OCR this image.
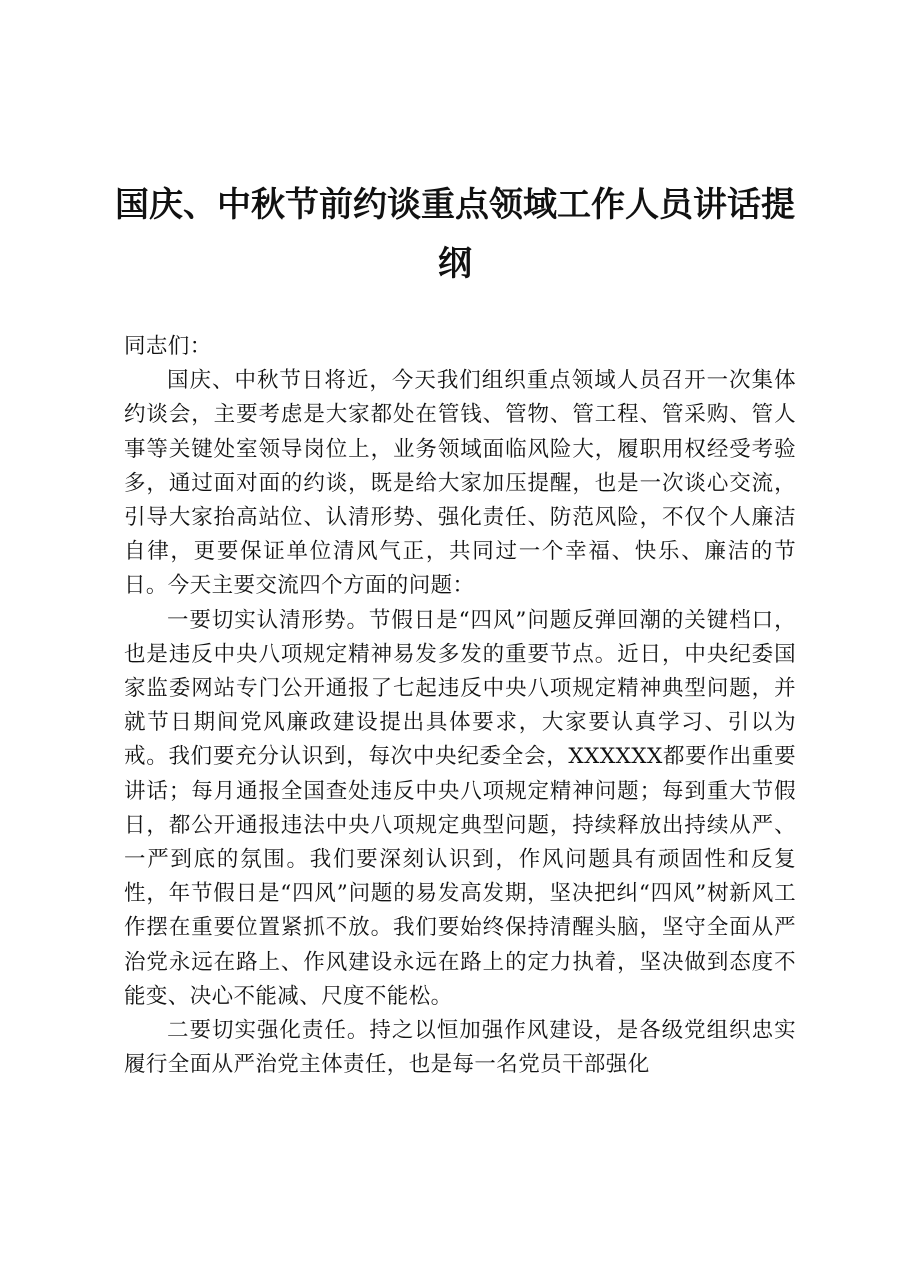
国庆、中秋节前约谈重点领域工作人员讲话提纲

同志们：

国庆、中秋节日将近，今天我们组织重点领域人员召开一次集体约谈会，主要考虑是大家都处在管钱、管物、管工程、管采购、管人事等关键处室领导岗位上，业务领域面临风险大，履职用权经受考验多，通过面对面的约谈，既是给大家加压提醒，也是一次谈心交流，引导大家抬高站位、认清形势、强化责任、防范风险，不仅个人廉洁自律，更要保证单位清风气正，共同过一个幸福、快乐、廉洁的节日。今天主要交流四个方面的问题：

一要切实认清形势。节假日是“四风”问题反弹回潮的关键档口，也是违反中央八项规定精神易发多发的重要节点。近日，中央纪委国家监委网站专门公开通报了七起违反中央八项规定精神典型问题，并就节日期间党风廉政建设提出具体要求，大家要认真学习、引以为戒。我们要充分认识到，每次中央纪委全会，XXXXXX都要作出重要讲话；每月通报全国查处违反中央八项规定精神问题；每到重大节假日，都公开通报违法中央八项规定典型问题，持续释放出持续从严、一严到底的氛围。我们要深刻认识到，作风问题具有顽固性和反复性，年节假日是“四风”问题的易发高发期，坚决把纠“四风”树新风工作摆在重要位置紧抓不放。我们要始终保持清醒头脑，坚守全面从严治党永远在路上、作风建设永远在路上的定力执着，坚决做到态度不能变、决心不能减、尺度不能松。

二要切实强化责任。持之以恒加强作风建设，是各级党组织忠实履行全面从严治党主体责任，也是每一名党员干部强化
